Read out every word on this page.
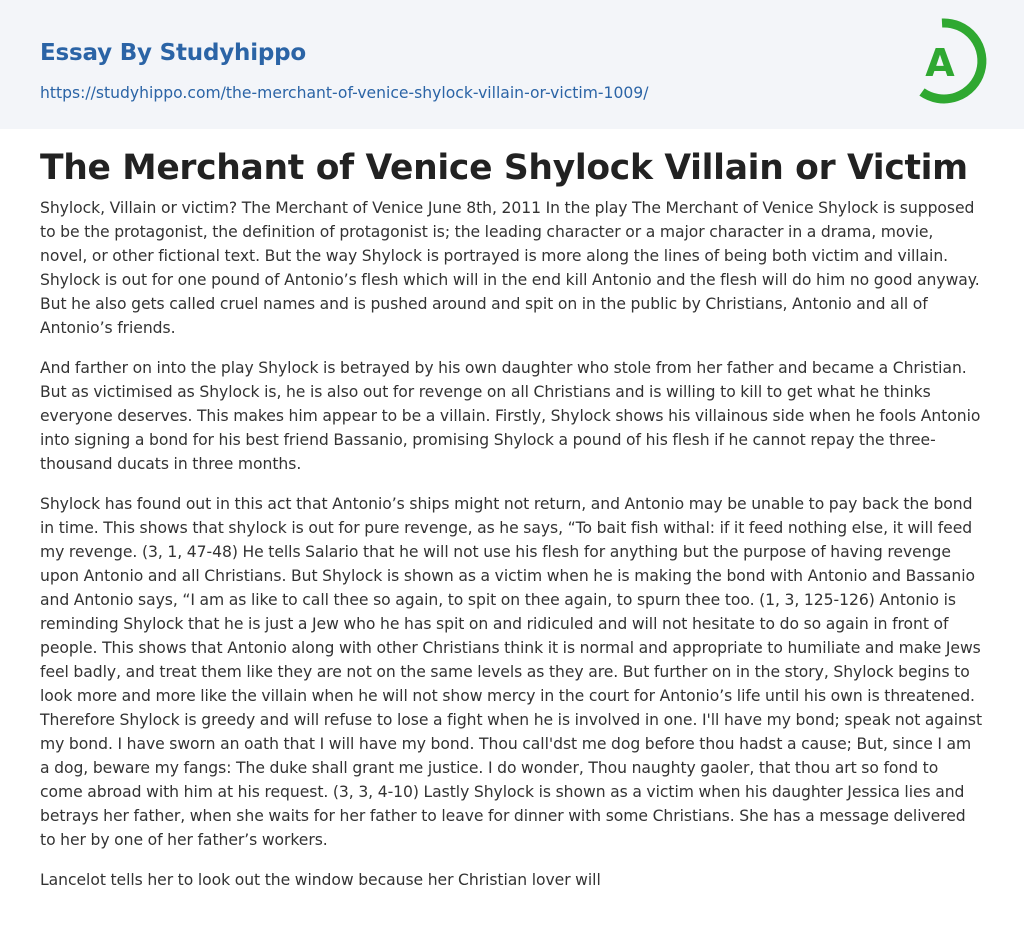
Essay By Studyhippo
https://studyhippo.com/the-merchant-of-venice-shylock-villain-or-victim-1009/
A
The Merchant of Venice Shylock Villain or Victim

Shylock, Villain or victim? The Merchant of Venice June 8th, 2011 In the play The Merchant of Venice Shylock is supposed to be the protagonist, the definition of protagonist is; the leading character or a major character in a drama, movie, novel, or other fictional text. But the way Shylock is portrayed is more along the lines of being both victim and villain. Shylock is out for one pound of Antonio’s flesh which will in the end kill Antonio and the flesh will do him no good anyway. But he also gets called cruel names and is pushed around and spit on in the public by Christians, Antonio and all of Antonio’s friends.

And farther on into the play Shylock is betrayed by his own daughter who stole from her father and became a Christian. But as victimised as Shylock is, he is also out for revenge on all Christians and is willing to kill to get what he thinks everyone deserves. This makes him appear to be a villain. Firstly, Shylock shows his villainous side when he fools Antonio into signing a bond for his best friend Bassanio, promising Shylock a pound of his flesh if he cannot repay the three-thousand ducats in three months.

Shylock has found out in this act that Antonio’s ships might not return, and Antonio may be unable to pay back the bond in time. This shows that shylock is out for pure revenge, as he says, “To bait fish withal: if it feed nothing else, it will feed my revenge. (3, 1, 47-48) He tells Salario that he will not use his flesh for anything but the purpose of having revenge upon Antonio and all Christians. But Shylock is shown as a victim when he is making the bond with Antonio and Bassanio and Antonio says, “I am as like to call thee so again, to spit on thee again, to spurn thee too. (1, 3, 125-126) Antonio is reminding Shylock that he is just a Jew who he has spit on and ridiculed and will not hesitate to do so again in front of people. This shows that Antonio along with other Christians think it is normal and appropriate to humiliate and make Jews feel badly, and treat them like they are not on the same levels as they are. But further on in the story, Shylock begins to look more and more like the villain when he will not show mercy in the court for Antonio’s life until his own is threatened. Therefore Shylock is greedy and will refuse to lose a fight when he is involved in one. I'll have my bond; speak not against my bond. I have sworn an oath that I will have my bond. Thou call'dst me dog before thou hadst a cause; But, since I am a dog, beware my fangs: The duke shall grant me justice. I do wonder, Thou naughty gaoler, that thou art so fond to come abroad with him at his request. (3, 3, 4-10) Lastly Shylock is shown as a victim when his daughter Jessica lies and betrays her father, when she waits for her father to leave for dinner with some Christians. She has a message delivered to her by one of her father’s workers.

Lancelot tells her to look out the window because her Christian lover will
